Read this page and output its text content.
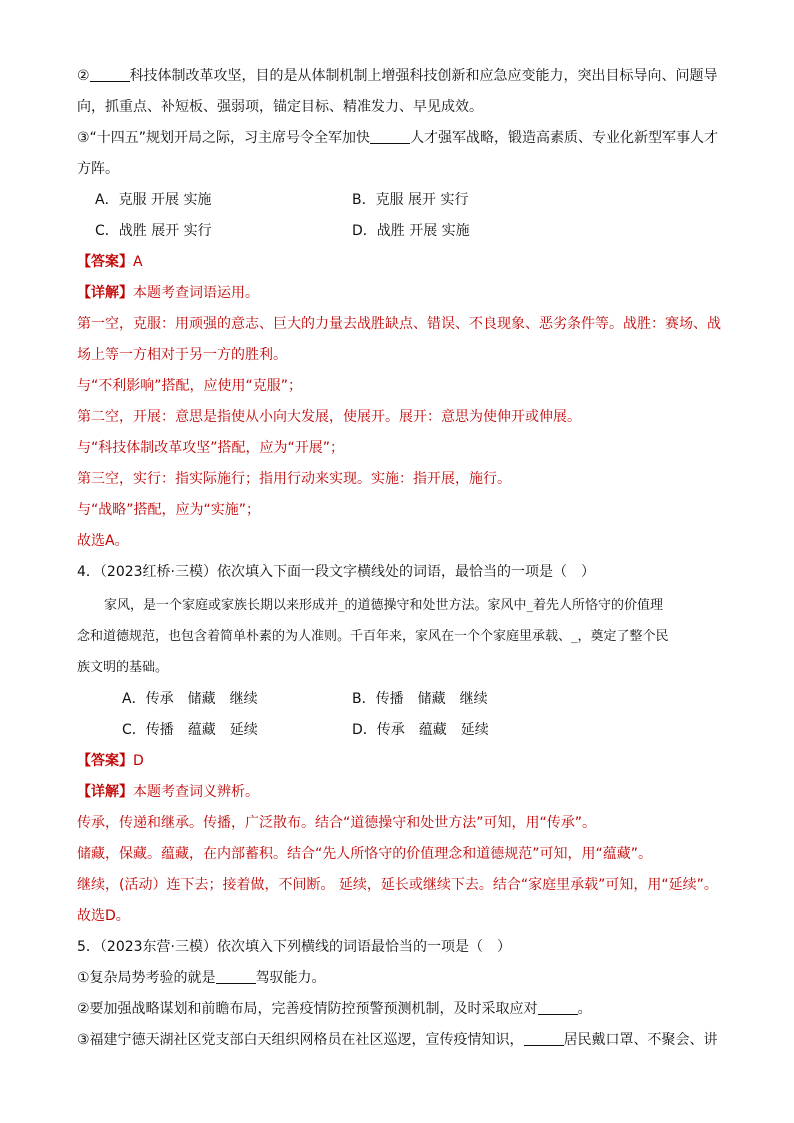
②	科技体制改革攻坚，目的是从体制机制上增强科技创新和应急应变能力，突出目标导向、问题导
向，抓重点、补短板、强弱项，锚定目标、精准发力、早见成效。
③“十四五”规划开局之际，习主席号令全军加快	人才强军战略，锻造高素质、专业化新型军事人才
方阵。
A．克服 开展 实施	B．克服 展开 实行
C．战胜 展开 实行	D．战胜 开展 实施
【答案】A
【详解】本题考查词语运用。
第一空，克服：用顽强的意志、巨大的力量去战胜缺点、错误、不良现象、恶劣条件等。战胜：赛场、战
场上等一方相对于另一方的胜利。
与“不利影响”搭配，应使用“克服”；
第二空，开展：意思是指使从小向大发展，使展开。展开：意思为使伸开或伸展。
与“科技体制改革攻坚”搭配，应为“开展”；
第三空，实行：指实际施行；指用行动来实现。实施：指开展，施行。
与“战略”搭配，应为“实施”；
故选A。
4．（2023红桥·三模）依次填入下面一段文字横线处的词语，最恰当的一项是（　）
家风，是一个家庭或家族长期以来形成并_的道德操守和处世方法。家风中_着先人所恪守的价值理
念和道德规范，也包含着简单朴素的为人准则。千百年来，家风在一个个家庭里承载、_，奠定了整个民
族文明的基础。
A．传承　储藏　继续	B．传播　储藏　继续
C．传播　蕴藏　延续	D．传承　蕴藏　延续
【答案】D
【详解】本题考查词义辨析。
传承，传递和继承。传播，广泛散布。结合“道德操守和处世方法”可知，用“传承”。
储藏，保藏。蕴藏，在内部蓄积。结合“先人所恪守的价值理念和道德规范”可知，用“蕴藏”。
继续，(活动）连下去；接着做，不间断。 延续，延长或继续下去。结合“家庭里承载”可知，用“延续”。
故选D。
5．（2023东营·三模）依次填入下列横线的词语最恰当的一项是（　）
①复杂局势考验的就是	驾驭能力。
②要加强战略谋划和前瞻布局，完善疫情防控预警预测机制，及时采取应对	。
③福建宁德天湖社区党支部白天组织网格员在社区巡逻，宣传疫情知识，	居民戴口罩、不聚会、讲
